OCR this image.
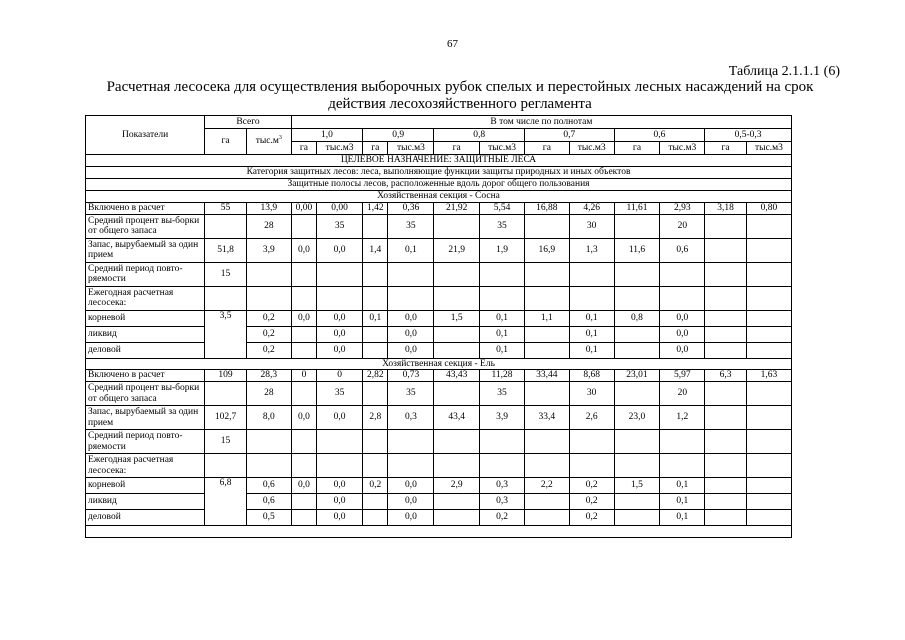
67
Таблица 2.1.1.1 (6)
Расчетная лесосека для осуществления выборочных рубок спелых и перестойных лесных насаждений на срок действия лесохозяйственного регламента
Показатели	Всего		В том числе по полнотам											
	га	$тыс.м^3$	1,0		0,9		0,8		0,7		0,6		0,5-0,3	
			га	тыс.м3	га	тыс.м3	га	тыс.м3	га	тыс.м3	га	тыс.м3	га	тыс.м3
ЦЕЛЕВОЕ НАЗНАЧЕНИЕ: ЗАЩИТНЫЕ ЛЕСА														
Категория защитных лесов: леса, выполняющие функции защиты природных и иных объектов														
Защитные полосы лесов, расположенные вдоль дорог общего пользования														
Хозяйственная секция - Сосна														
Включено в расчет	55	13,9	0,00	0,00	1,42	0,36	21,92	5,54	16,88	4,26	11,61	2,93	3,18	0,80
Средний процент вы-борки от общего запаса		28		35		35		35		30		20		
Запас, вырубаемый за один прием	51,8	3,9	0,0	0,0	1,4	0,1	21,9	1,9	16,9	1,3	11,6	0,6		
Средний период повто-ряемости	15													
Ежегодная расчетная лесосека:														
корневой	3,5	0,2	0,0	0,0	0,1	0,0	1,5	0,1	1,1	0,1	0,8	0,0		
ликвид		0,2		0,0		0,0		0,1		0,1		0,0		
деловой		0,2		0,0		0,0		0,1		0,1		0,0		
Хозяйственная секция - Ель														
Включено в расчет	109	28,3	0	0	2,82	0,73	43,43	11,28	33,44	8,68	23,01	5,97	6,3	1,63
Средний процент вы-борки от общего запаса		28		35		35		35		30		20		
Запас, вырубаемый за один прием	102,7	8,0	0,0	0,0	2,8	0,3	43,4	3,9	33,4	2,6	23,0	1,2		
Средний период повто-ряемости	15													
Ежегодная расчетная лесосека:														
корневой	6,8	0,6	0,0	0,0	0,2	0,0	2,9	0,3	2,2	0,2	1,5	0,1		
ликвид		0,6		0,0		0,0		0,3		0,2		0,1		
деловой		0,5		0,0		0,0		0,2		0,2		0,1		
